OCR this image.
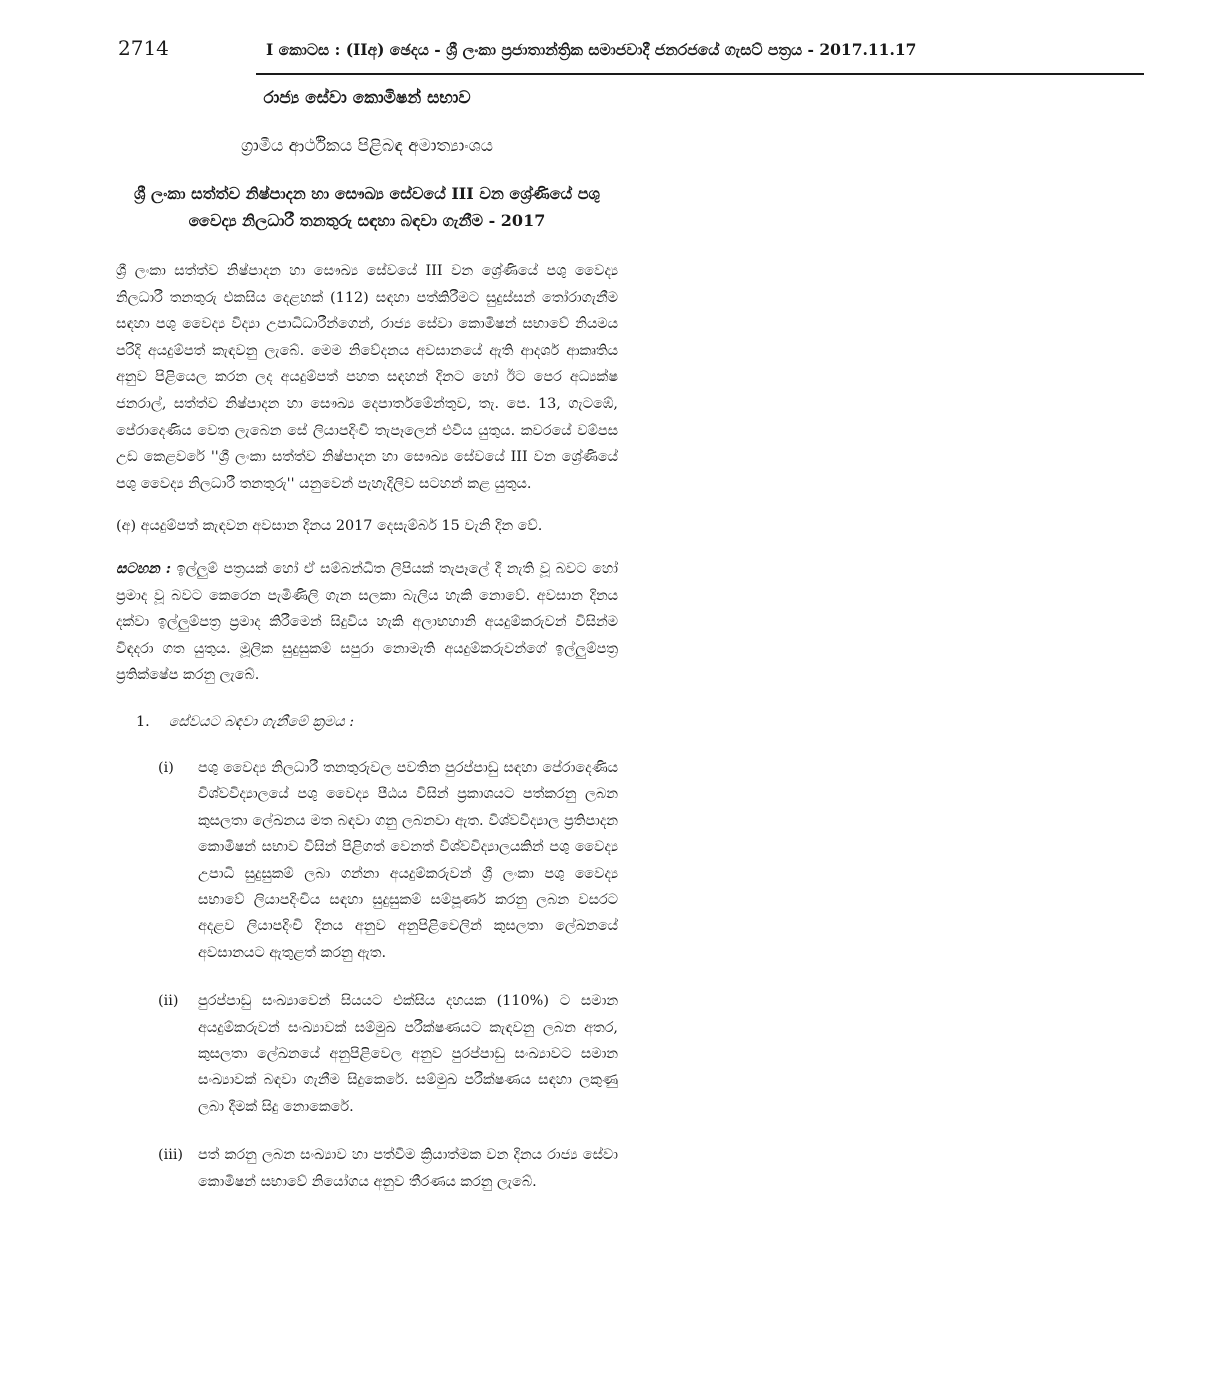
2714	I කොටස : (IIඅ) ඡෙදය - ශ්‍රී ලංකා ප්‍රජාතාන්ත්‍රික සමාජවාදී ජනරජයේ ගැසට් පත්‍රය - 2017.11.17
රාජ්‍ය සේවා කොමිෂන් සභාව
ග්‍රාමීය ආර්ථිකය පිළිබඳ අමාත්‍යාංශය
ශ්‍රී ලංකා සත්ත්ව නිෂ්පාදන හා සෞඛ්‍ය සේවයේ III වන ශ්‍රේණියේ පශු වෛද්‍ය නිලධාරී තනතුරු සඳහා බඳවා ගැනීම - 2017

ශ්‍රී ලංකා සත්ත්ව නිෂ්පාදන හා සෞඛ්‍ය සේවයේ III වන ශ්‍රේණියේ පශු වෛද්‍ය නිලධාරී තනතුරු එකසිය දෙළහක් (112) සඳහා පත්කිරීමට සුදුස්සන් තෝරාගැනීම සඳහා පශු වෛද්‍ය විද්‍යා උපාධිධාරීන්ගෙන්, රාජ්‍ය සේවා කොමිෂන් සභාවේ නියමය පරිදි අයදුම්පත් කැඳවනු ලැබේ. මෙම නිවේදනය අවසානයේ ඇති ආදර්ශ ආකෘතිය අනුව පිළියෙල කරන ලද අයදුම්පත් පහත සඳහන් දිනට හෝ ඊට පෙර අධ්‍යක්ෂ ජනරාල්, සත්ත්ව නිෂ්පාදන හා සෞඛ්‍ය දෙපාර්තමේන්තුව, තැ. පෙ. 13, ගැටඹේ, පේරාදෙණිය වෙත ලැබෙන සේ ලියාපදිංචි තැපෑලෙන් එවිය යුතුය. කවරයේ වම්පස උඩ කෙළවරේ ''ශ්‍රී ලංකා සත්ත්ව නිෂ්පාදන හා සෞඛ්‍ය සේවයේ III වන ශ්‍රේණියේ පශු වෛද්‍ය නිලධාරී තනතුරු'' යනුවෙන් පැහැදිලිව සටහන් කළ යුතුය.

(අ) අයදුම්පත් කැඳවන අවසාන දිනය 2017 දෙසැම්බර් 15 වැනි දින වේ.

සටහන : ඉල්ලුම් පත්‍රයක් හෝ ඒ සම්බන්ධිත ලිපියක් තැපෑලේ දී නැති වූ බවට හෝ ප්‍රමාද වූ බවට කෙරෙන පැමිණිලි ගැන සලකා බැලිය හැකි නොවේ. අවසාන දිනය දක්වා ඉල්ලුම්පත්‍ර ප්‍රමාද කිරීමෙන් සිදුවිය හැකි අලාභහානි අයදුම්කරුවන් විසින්ම විඳදරා ගත යුතුය. මූලික සුදුසුකම් සපුරා නොමැති අයදුම්කරුවන්ගේ ඉල්ලුම්පත්‍ර ප්‍රතික්ෂේප කරනු ලැබේ.

1. සේවයට බඳවා ගැනීමේ ක්‍රමය :
(i) පශු වෛද්‍ය නිලධාරී තනතුරුවල පවතින පුරප්පාඩු සඳහා පේරාදෙණිය විශ්වවිද්‍යාලයේ පශු වෛද්‍ය පීඨය විසින් ප්‍රකාශයට පත්කරනු ලබන කුසලතා ලේඛනය මත බඳවා ගනු ලබනවා ඇත. විශ්වවිද්‍යාල ප්‍රතිපාදන කොමිෂන් සභාව විසින් පිළිගත් වෙනත් විශ්වවිද්‍යාලයකින් පශු වෛද්‍ය උපාධි සුදුසුකම් ලබා ගන්නා අයදුම්කරුවන් ශ්‍රී ලංකා පශු වෛද්‍ය සභාවේ ලියාපදිංචිය සඳහා සුදුසුකම් සම්පූර්ණ කරනු ලබන වසරට අදළව ලියාපදිංචි දිනය අනුව අනුපිළිවෙලින් කුසලතා ලේඛනයේ අවසානයට ඇතුළත් කරනු ඇත.
(ii) පුරප්පාඩු සංඛ්‍යාවෙන් සියයට එක්සිය දහයක (110%) ට සමාන අයදුම්කරුවන් සංඛ්‍යාවක් සම්මුඛ පරීක්ෂණයට කැඳවනු ලබන අතර, කුසලතා ලේඛනයේ අනුපිළිවෙල අනුව පුරප්පාඩු සංඛ්‍යාවට සමාන සංඛ්‍යාවක් බඳවා ගැනීම සිදුකෙරේ. සම්මුඛ පරීක්ෂණය සඳහා ලකුණු ලබා දීමක් සිදු නොකෙරේ.
(iii) පත් කරනු ලබන සංඛ්‍යාව හා පත්වීම ක්‍රියාත්මක වන දිනය රාජ්‍ය සේවා කොමිෂන් සභාවේ නියෝගය අනුව තීරණය කරනු ලැබේ.
